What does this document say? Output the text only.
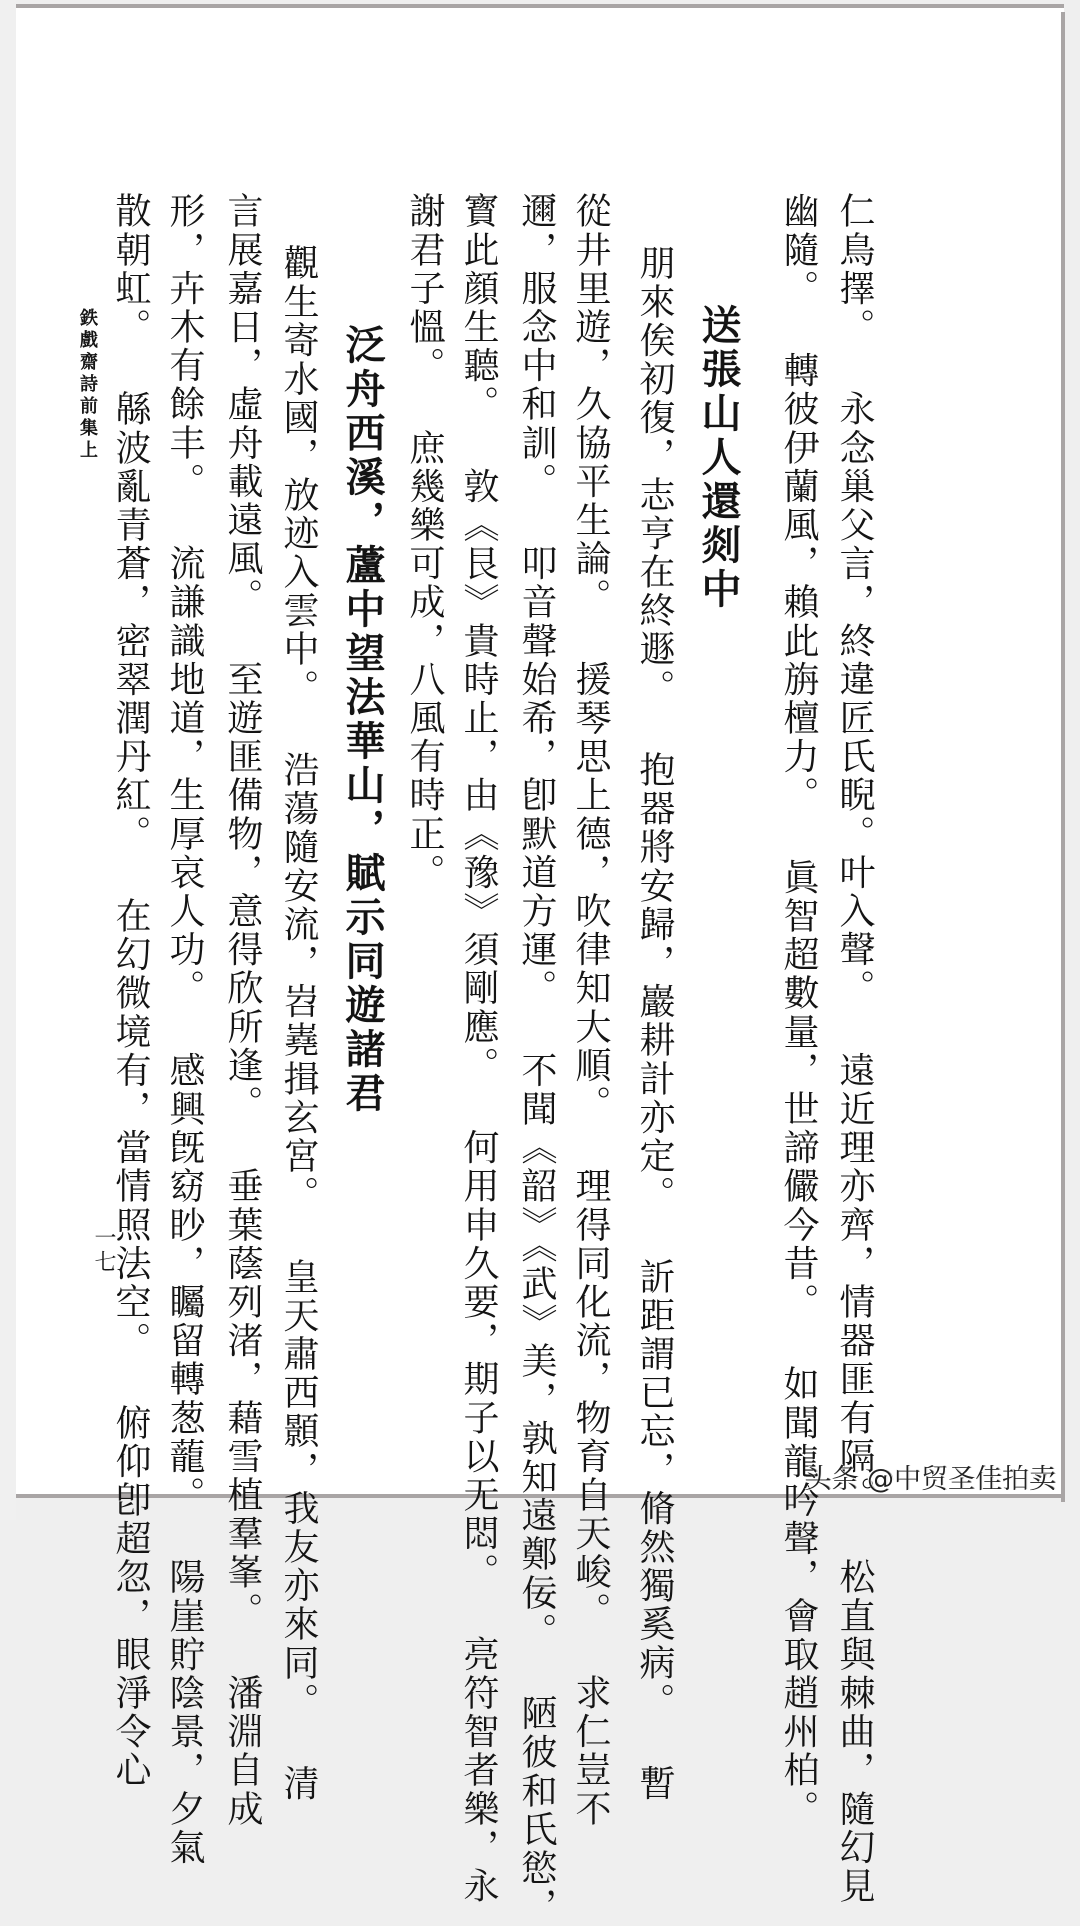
仁鳥擇。 永念巢父言，終違匠氏睨。叶入聲。 遠近理亦齊，情器匪有隔。 松直與棘曲，隨幻見
幽隨。 轉彼伊蘭風，賴此旃檀力。 眞智超數量，世諦儼今昔。 如聞龍吟聲，會取趙州柏。
送張山人還剡中
朋來俟初復，志亨在終遯。 抱器將安歸，巖耕計亦定。 訢距謂已忘，脩然獨奚病。 暫
從井里遊，久協平生論。 援琴思上德，吹律知大順。 理得同化流，物育自天峻。 求仁豈不
邇，服念中和訓。 叩音聲始希，卽默道方運。 不聞《韶》《武》美，孰知遠鄭佞。 陋彼和氏慾，
寳此顔生聽。 敦《艮》貴時止，由《豫》須剛應。 何用申久要，期子以无悶。 亮符智者樂，永
謝君子慍。 庶幾樂可成，八風有時正。
泛舟西溪，蘆中望法華山，賦示同遊諸君
觀生寄水國，放迹入雲中。 浩蕩隨安流，岧嶤揖玄宮。 皇天肅西顥，我友亦來同。 清
言展嘉日，虛舟載遠風。 至遊匪備物，意得欣所逢。 垂葉蔭列渚，藉雪植羣峯。 潘淵自成
形，卉木有餘丰。 流謙識地道，生厚哀人功。 感興旣窈眇，矚留轉葱蘢。 陽崖貯陰景，夕氣
散朝虹。 緜波亂青蒼，密翠潤丹紅。 在幻微境有，當情照法空。 俯仰卽超忽，眼淨令心
鉄戲齋詩前集上
一七
头条 @中贸圣佳拍卖
